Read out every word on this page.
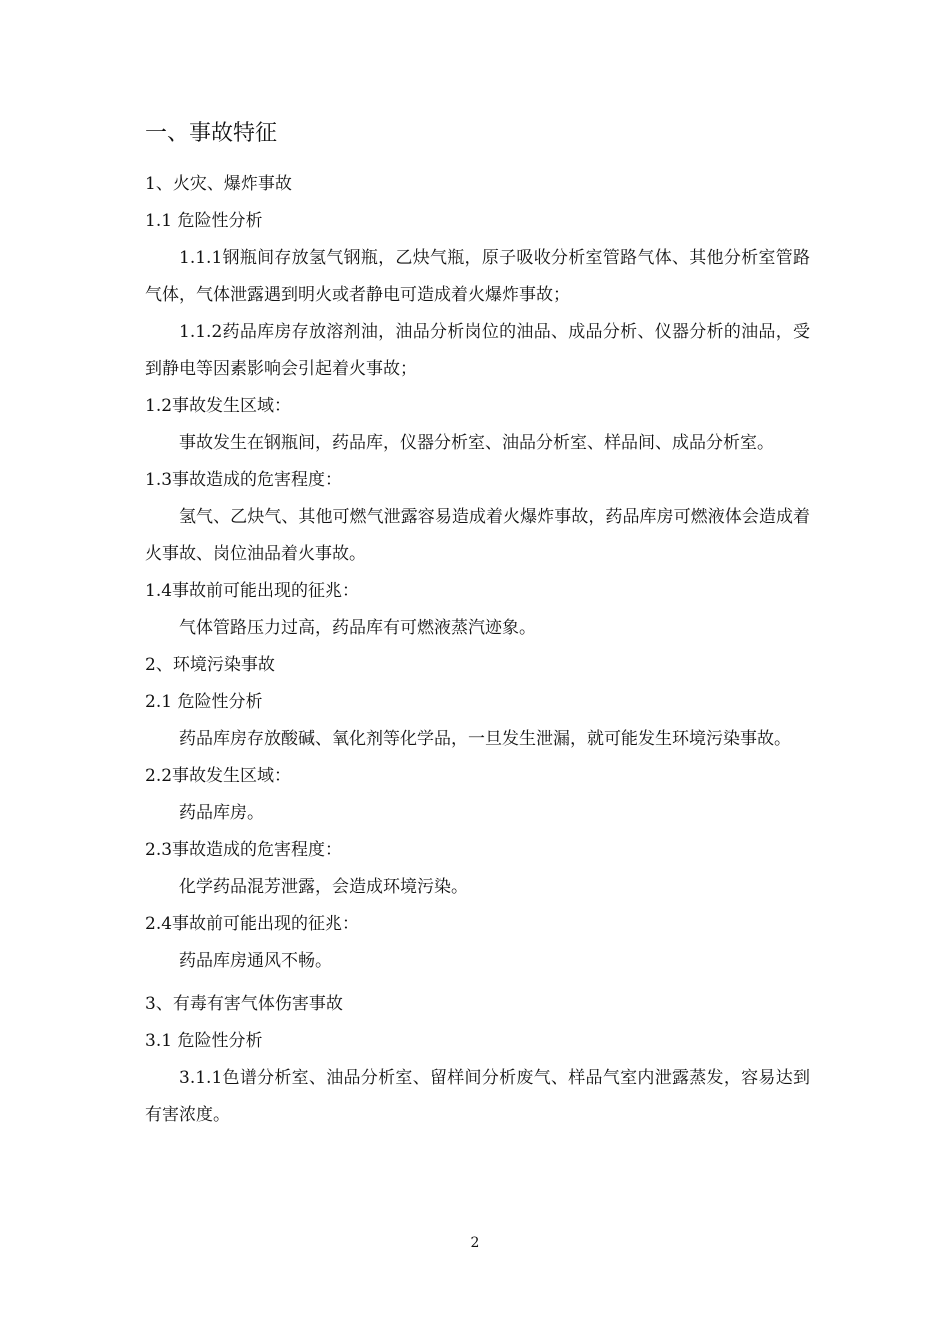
一、 事故特征

1、火灾、爆炸事故

1.1 危险性分析

1.1.1钢瓶间存放氢气钢瓶，乙炔气瓶，原子吸收分析室管路气体、其他分析室管路气体，气体泄露遇到明火或者静电可造成着火爆炸事故；

1.1.2药品库房存放溶剂油，油品分析岗位的油品、成品分析、仪器分析的油品，受到静电等因素影响会引起着火事故；

1.2事故发生区域：

事故发生在钢瓶间，药品库，仪器分析室、油品分析室、样品间、成品分析室。

1.3事故造成的危害程度：

氢气、乙炔气、其他可燃气泄露容易造成着火爆炸事故，药品库房可燃液体会造成着火事故、岗位油品着火事故。

1.4事故前可能出现的征兆：

气体管路压力过高，药品库有可燃液蒸汽迹象。

2、环境污染事故

2.1 危险性分析

药品库房存放酸碱、氧化剂等化学品，一旦发生泄漏，就可能发生环境污染事故。

2.2事故发生区域：

药品库房。

2.3事故造成的危害程度：

化学药品混芳泄露，会造成环境污染。

2.4事故前可能出现的征兆：

药品库房通风不畅。

3、有毒有害气体伤害事故

3.1 危险性分析

3.1.1色谱分析室、油品分析室、留样间分析废气、样品气室内泄露蒸发，容易达到有害浓度。

2
